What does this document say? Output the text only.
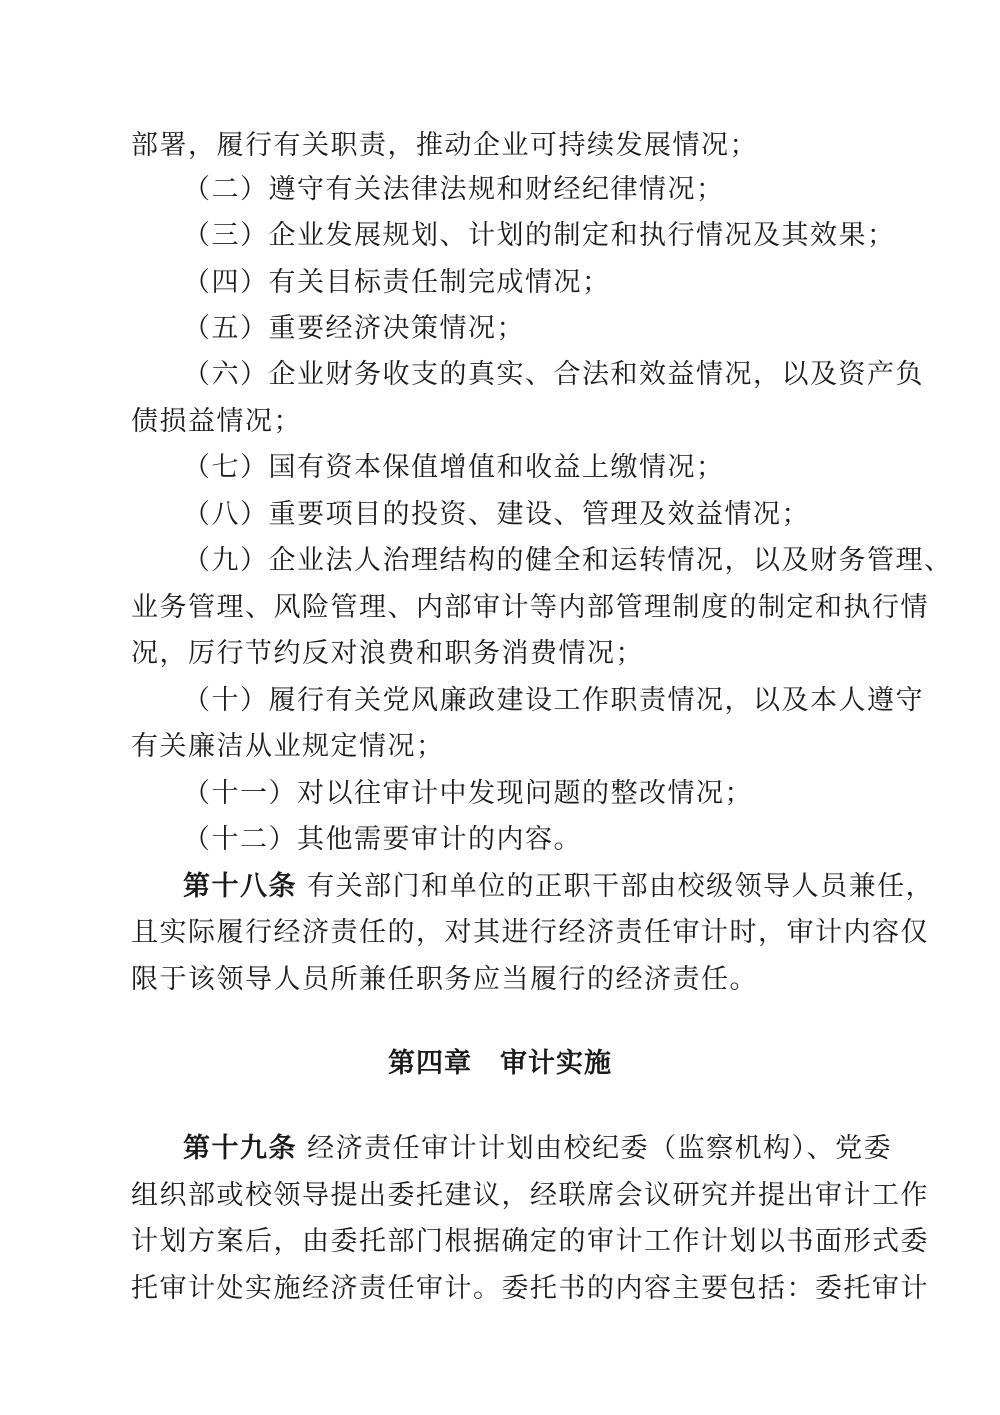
部署，履行有关职责，推动企业可持续发展情况；
（二）遵守有关法律法规和财经纪律情况；
（三）企业发展规划、计划的制定和执行情况及其效果；
（四）有关目标责任制完成情况；
（五）重要经济决策情况；
（六）企业财务收支的真实、合法和效益情况，以及资产负
债损益情况；
（七）国有资本保值增值和收益上缴情况；
（八）重要项目的投资、建设、管理及效益情况；
（九）企业法人治理结构的健全和运转情况，以及财务管理、
业务管理、风险管理、内部审计等内部管理制度的制定和执行情
况，厉行节约反对浪费和职务消费情况；
（十）履行有关党风廉政建设工作职责情况，以及本人遵守
有关廉洁从业规定情况；
（十一）对以往审计中发现问题的整改情况；
（十二）其他需要审计的内容。
第十八条 有关部门和单位的正职干部由校级领导人员兼任，
且实际履行经济责任的，对其进行经济责任审计时，审计内容仅
限于该领导人员所兼任职务应当履行的经济责任。
第四章　审计实施
第十九条 经济责任审计计划由校纪委（监察机构）、党委
组织部或校领导提出委托建议，经联席会议研究并提出审计工作
计划方案后，由委托部门根据确定的审计工作计划以书面形式委
托审计处实施经济责任审计。委托书的内容主要包括：委托审计
